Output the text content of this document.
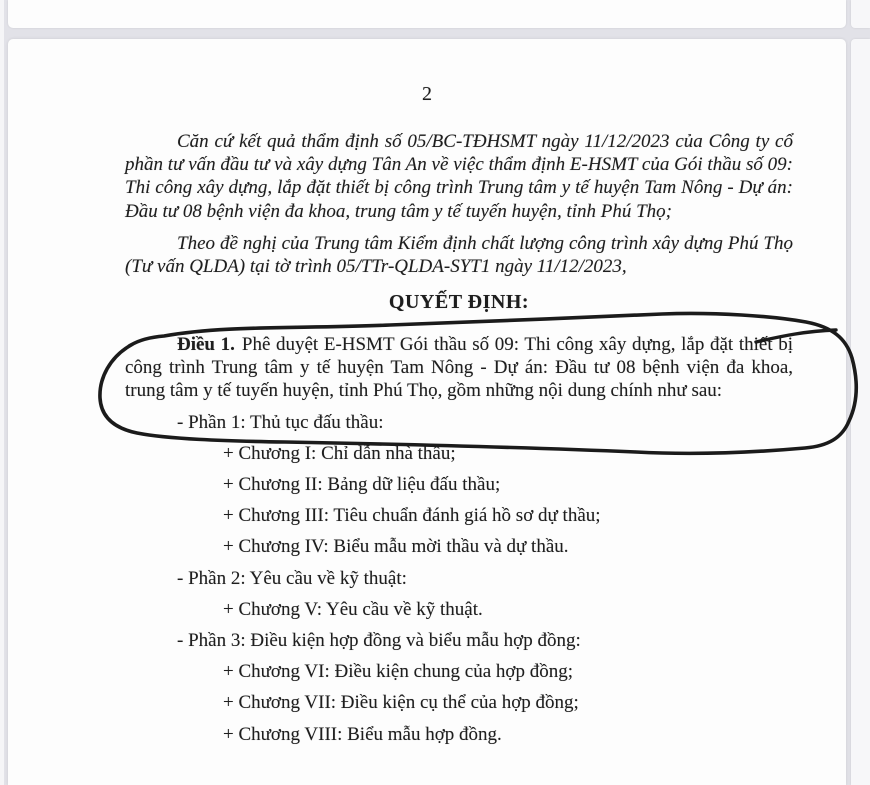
2

Căn cứ kết quả thẩm định số 05/BC-TĐHSMT ngày 11/12/2023 của Công ty cổ phần tư vấn đầu tư và xây dựng Tân An về việc thẩm định E-HSMT của Gói thầu số 09: Thi công xây dựng, lắp đặt thiết bị công trình Trung tâm y tế huyện Tam Nông - Dự án: Đầu tư 08 bệnh viện đa khoa, trung tâm y tế tuyến huyện, tỉnh Phú Thọ;

Theo đề nghị của Trung tâm Kiểm định chất lượng công trình xây dựng Phú Thọ (Tư vấn QLDA) tại tờ trình 05/TTr-QLDA-SYT1 ngày 11/12/2023,

QUYẾT ĐỊNH:

Điều 1. Phê duyệt E-HSMT Gói thầu số 09: Thi công xây dựng, lắp đặt thiết bị công trình Trung tâm y tế huyện Tam Nông - Dự án: Đầu tư 08 bệnh viện đa khoa, trung tâm y tế tuyến huyện, tỉnh Phú Thọ, gồm những nội dung chính như sau:

- Phần 1: Thủ tục đấu thầu:
+ Chương I: Chỉ dẫn nhà thầu;
+ Chương II: Bảng dữ liệu đấu thầu;
+ Chương III: Tiêu chuẩn đánh giá hồ sơ dự thầu;
+ Chương IV: Biểu mẫu mời thầu và dự thầu.
- Phần 2: Yêu cầu về kỹ thuật:
+ Chương V: Yêu cầu về kỹ thuật.
- Phần 3: Điều kiện hợp đồng và biểu mẫu hợp đồng:
+ Chương VI: Điều kiện chung của hợp đồng;
+ Chương VII: Điều kiện cụ thể của hợp đồng;
+ Chương VIII: Biểu mẫu hợp đồng.
